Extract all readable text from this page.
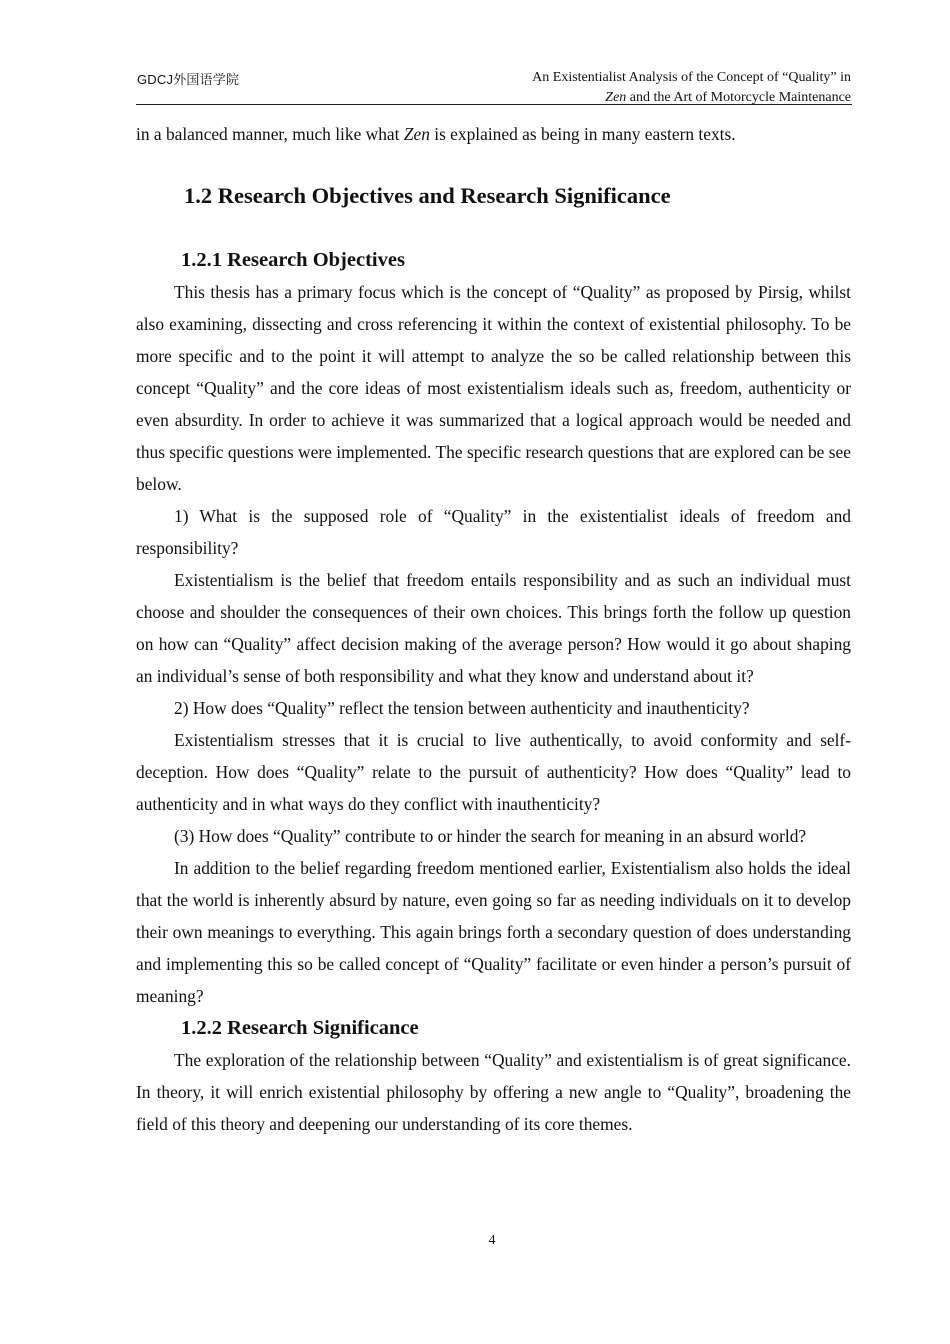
GDCJ外国语学院	An Existentialist Analysis of the Concept of “Quality” in
Zen and the Art of Motorcycle Maintenance

in a balanced manner, much like what Zen is explained as being in many eastern texts.

1.2 Research Objectives and Research Significance
1.2.1 Research Objectives

This thesis has a primary focus which is the concept of “Quality” as proposed by Pirsig, whilst also examining, dissecting and cross referencing it within the context of existential philosophy. To be more specific and to the point it will attempt to analyze the so be called relationship between this concept “Quality” and the core ideas of most existentialism ideals such as, freedom, authenticity or even absurdity. In order to achieve it was summarized that a logical approach would be needed and thus specific questions were implemented. The specific research questions that are explored can be see below.

1) What is the supposed role of “Quality” in the existentialist ideals of freedom and responsibility?

Existentialism is the belief that freedom entails responsibility and as such an individual must choose and shoulder the consequences of their own choices. This brings forth the follow up question on how can “Quality” affect decision making of the average person? How would it go about shaping an individual’s sense of both responsibility and what they know and understand about it?

2) How does “Quality” reflect the tension between authenticity and inauthenticity?

Existentialism stresses that it is crucial to live authentically, to avoid conformity and self-deception. How does “Quality” relate to the pursuit of authenticity? How does “Quality” lead to authenticity and in what ways do they conflict with inauthenticity?

(3) How does “Quality” contribute to or hinder the search for meaning in an absurd world?

In addition to the belief regarding freedom mentioned earlier, Existentialism also holds the ideal that the world is inherently absurd by nature, even going so far as needing individuals on it to develop their own meanings to everything. This again brings forth a secondary question of does understanding and implementing this so be called concept of “Quality” facilitate or even hinder a person’s pursuit of meaning?

1.2.2 Research Significance

The exploration of the relationship between “Quality” and existentialism is of great significance. In theory, it will enrich existential philosophy by offering a new angle to “Quality”, broadening the field of this theory and deepening our understanding of its core themes.

4
